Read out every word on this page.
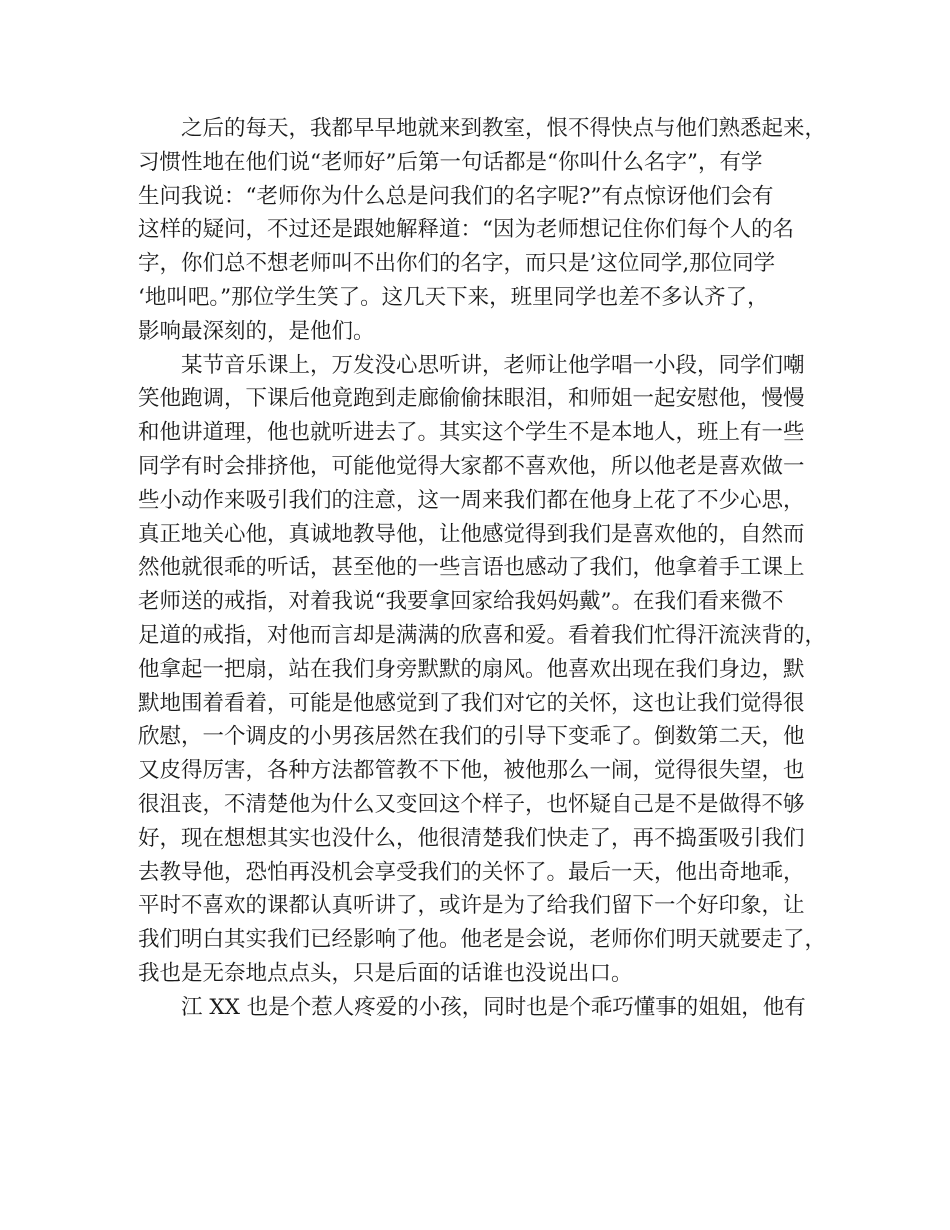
之后的每天，我都早早地就来到教室，恨不得快点与他们熟悉起来，
习惯性地在他们说“老师好”后第一句话都是“你叫什么名字”，有学
生问我说：“老师你为什么总是问我们的名字呢?”有点惊讶他们会有
这样的疑问，不过还是跟她解释道：“因为老师想记住你们每个人的名
字，你们总不想老师叫不出你们的名字，而只是’这位同学,那位同学
‘地叫吧。”那位学生笑了。这几天下来，班里同学也差不多认齐了，
影响最深刻的，是他们。
某节音乐课上，万发没心思听讲，老师让他学唱一小段，同学们嘲
笑他跑调，下课后他竟跑到走廊偷偷抹眼泪，和师姐一起安慰他，慢慢
和他讲道理，他也就听进去了。其实这个学生不是本地人，班上有一些
同学有时会排挤他，可能他觉得大家都不喜欢他，所以他老是喜欢做一
些小动作来吸引我们的注意，这一周来我们都在他身上花了不少心思，
真正地关心他，真诚地教导他，让他感觉得到我们是喜欢他的，自然而
然他就很乖的听话，甚至他的一些言语也感动了我们，他拿着手工课上
老师送的戒指，对着我说“我要拿回家给我妈妈戴”。在我们看来微不
足道的戒指，对他而言却是满满的欣喜和爱。看着我们忙得汗流浃背的，
他拿起一把扇，站在我们身旁默默的扇风。他喜欢出现在我们身边，默
默地围着看着，可能是他感觉到了我们对它的关怀，这也让我们觉得很
欣慰，一个调皮的小男孩居然在我们的引导下变乖了。倒数第二天，他
又皮得厉害，各种方法都管教不下他，被他那么一闹，觉得很失望，也
很沮丧，不清楚他为什么又变回这个样子，也怀疑自己是不是做得不够
好，现在想想其实也没什么，他很清楚我们快走了，再不捣蛋吸引我们
去教导他，恐怕再没机会享受我们的关怀了。最后一天，他出奇地乖，
平时不喜欢的课都认真听讲了，或许是为了给我们留下一个好印象，让
我们明白其实我们已经影响了他。他老是会说，老师你们明天就要走了，
我也是无奈地点点头，只是后面的话谁也没说出口。
江 XX 也是个惹人疼爱的小孩，同时也是个乖巧懂事的姐姐，他有
